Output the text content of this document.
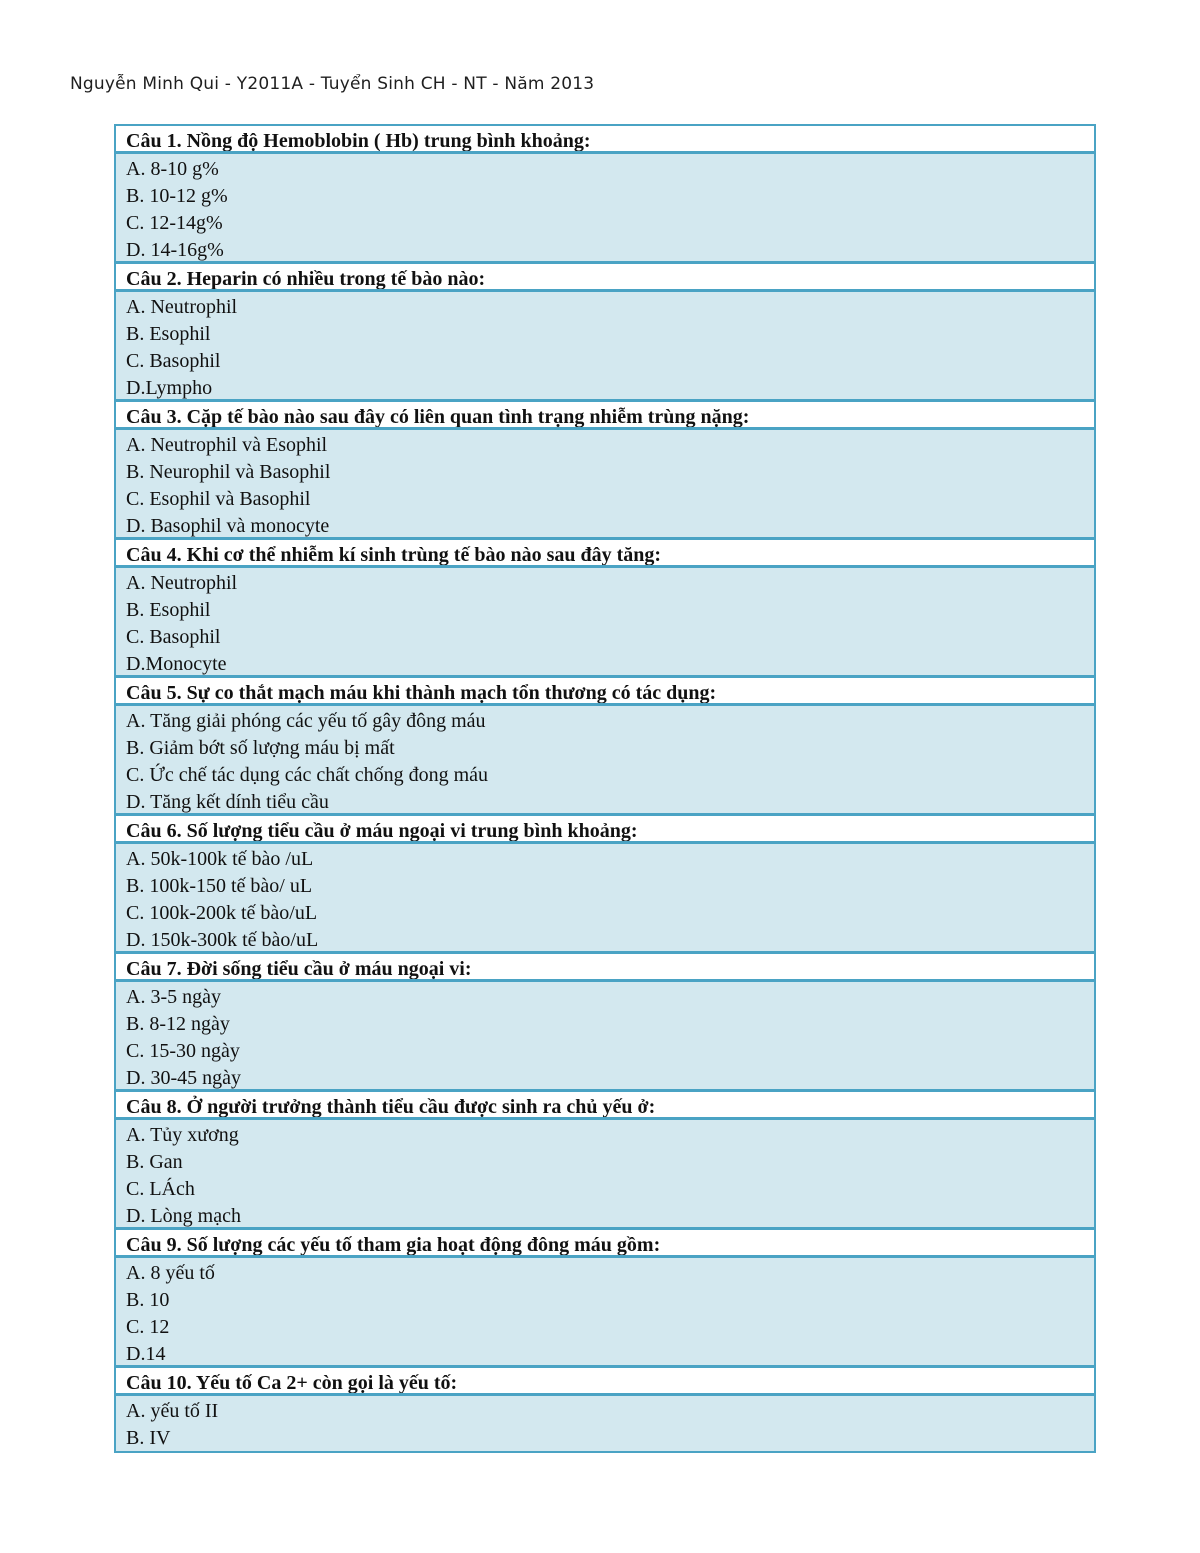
Nguyễn Minh Qui - Y2011A - Tuyển Sinh CH - NT - Năm 2013
Câu 1. Nồng độ Hemoblobin ( Hb) trung bình khoảng:
A. 8-10 g%
B. 10-12 g%
C. 12-14g%
D. 14-16g%
Câu 2. Heparin có nhiều trong tế bào nào:
A. Neutrophil
B. Esophil
C. Basophil
D.Lympho
Câu 3. Cặp tế bào nào sau đây có liên quan tình trạng nhiễm trùng nặng:
A. Neutrophil và Esophil
B. Neurophil và Basophil
C. Esophil và Basophil
D. Basophil và monocyte
Câu 4. Khi cơ thể nhiễm kí sinh trùng tế bào nào sau đây tăng:
A. Neutrophil
B. Esophil
C. Basophil
D.Monocyte
Câu 5. Sự co thắt mạch máu khi thành mạch tổn thương có tác dụng:
A. Tăng giải phóng các yếu tố gây đông máu
B. Giảm bớt số lượng máu bị mất
C. Ức chế tác dụng các chất chống đong máu
D. Tăng kết dính tiểu cầu
Câu 6. Số lượng tiểu cầu ở máu ngoại vi trung bình khoảng:
A. 50k-100k tế bào /uL
B. 100k-150 tế bào/ uL
C. 100k-200k tế bào/uL
D. 150k-300k tế bào/uL
Câu 7. Đời sống tiểu cầu ở máu ngoại vi:
A. 3-5 ngày
B. 8-12 ngày
C. 15-30 ngày
D. 30-45 ngày
Câu 8. Ở người trưởng thành tiểu cầu được sinh ra chủ yếu ở:
A. Tủy xương
B. Gan
C. LÁch
D. Lòng mạch
Câu 9. Số lượng các yếu tố tham gia hoạt động đông máu gồm:
A. 8 yếu tố
B. 10
C. 12
D.14
Câu 10. Yếu tố Ca 2+ còn gọi là yếu tố:
A. yếu tố II
B. IV
